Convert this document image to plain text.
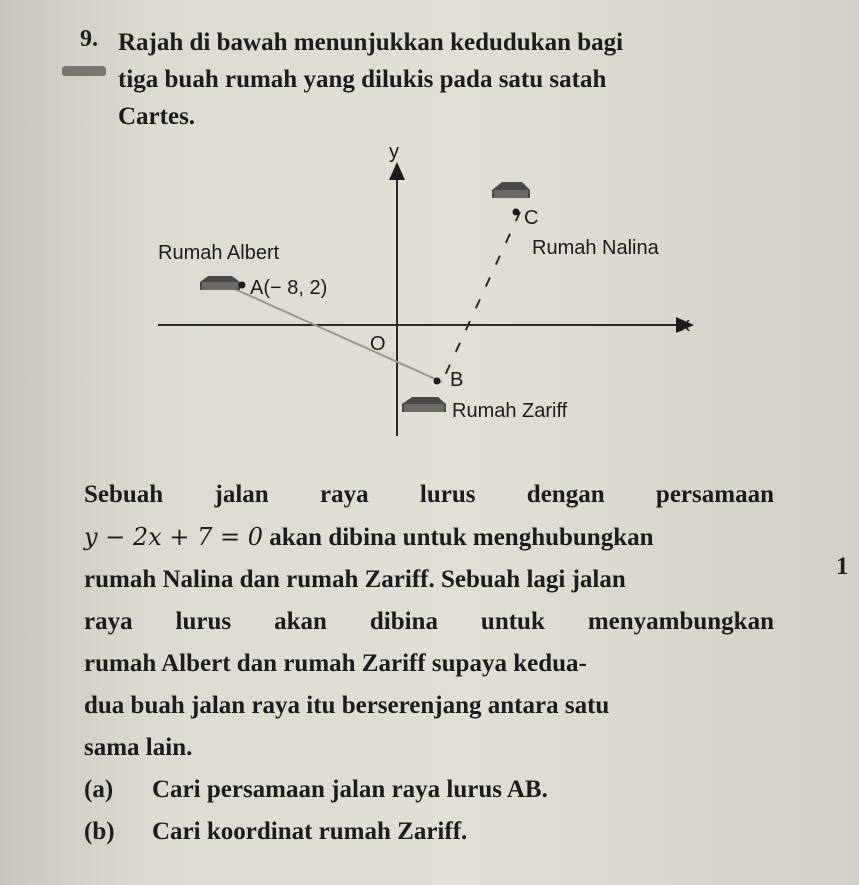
9. Rajah di bawah menunjukkan kedudukan bagi
tiga buah rumah yang dilukis pada satu satah
Cartes.
y
x
O
Rumah Albert
A(− 8, 2)
C
Rumah Nalina
B
Rumah Zariff
Sebuah jalan raya lurus dengan persamaan
y − 2x + 7 = 0 akan dibina untuk menghubungkan
rumah Nalina dan rumah Zariff. Sebuah lagi jalan
raya lurus akan dibina untuk menyambungkan
rumah Albert dan rumah Zariff supaya kedua-
dua buah jalan raya itu berserenjang antara satu
sama lain.
(a) Cari persamaan jalan raya lurus AB.
(b) Cari koordinat rumah Zariff.
1
